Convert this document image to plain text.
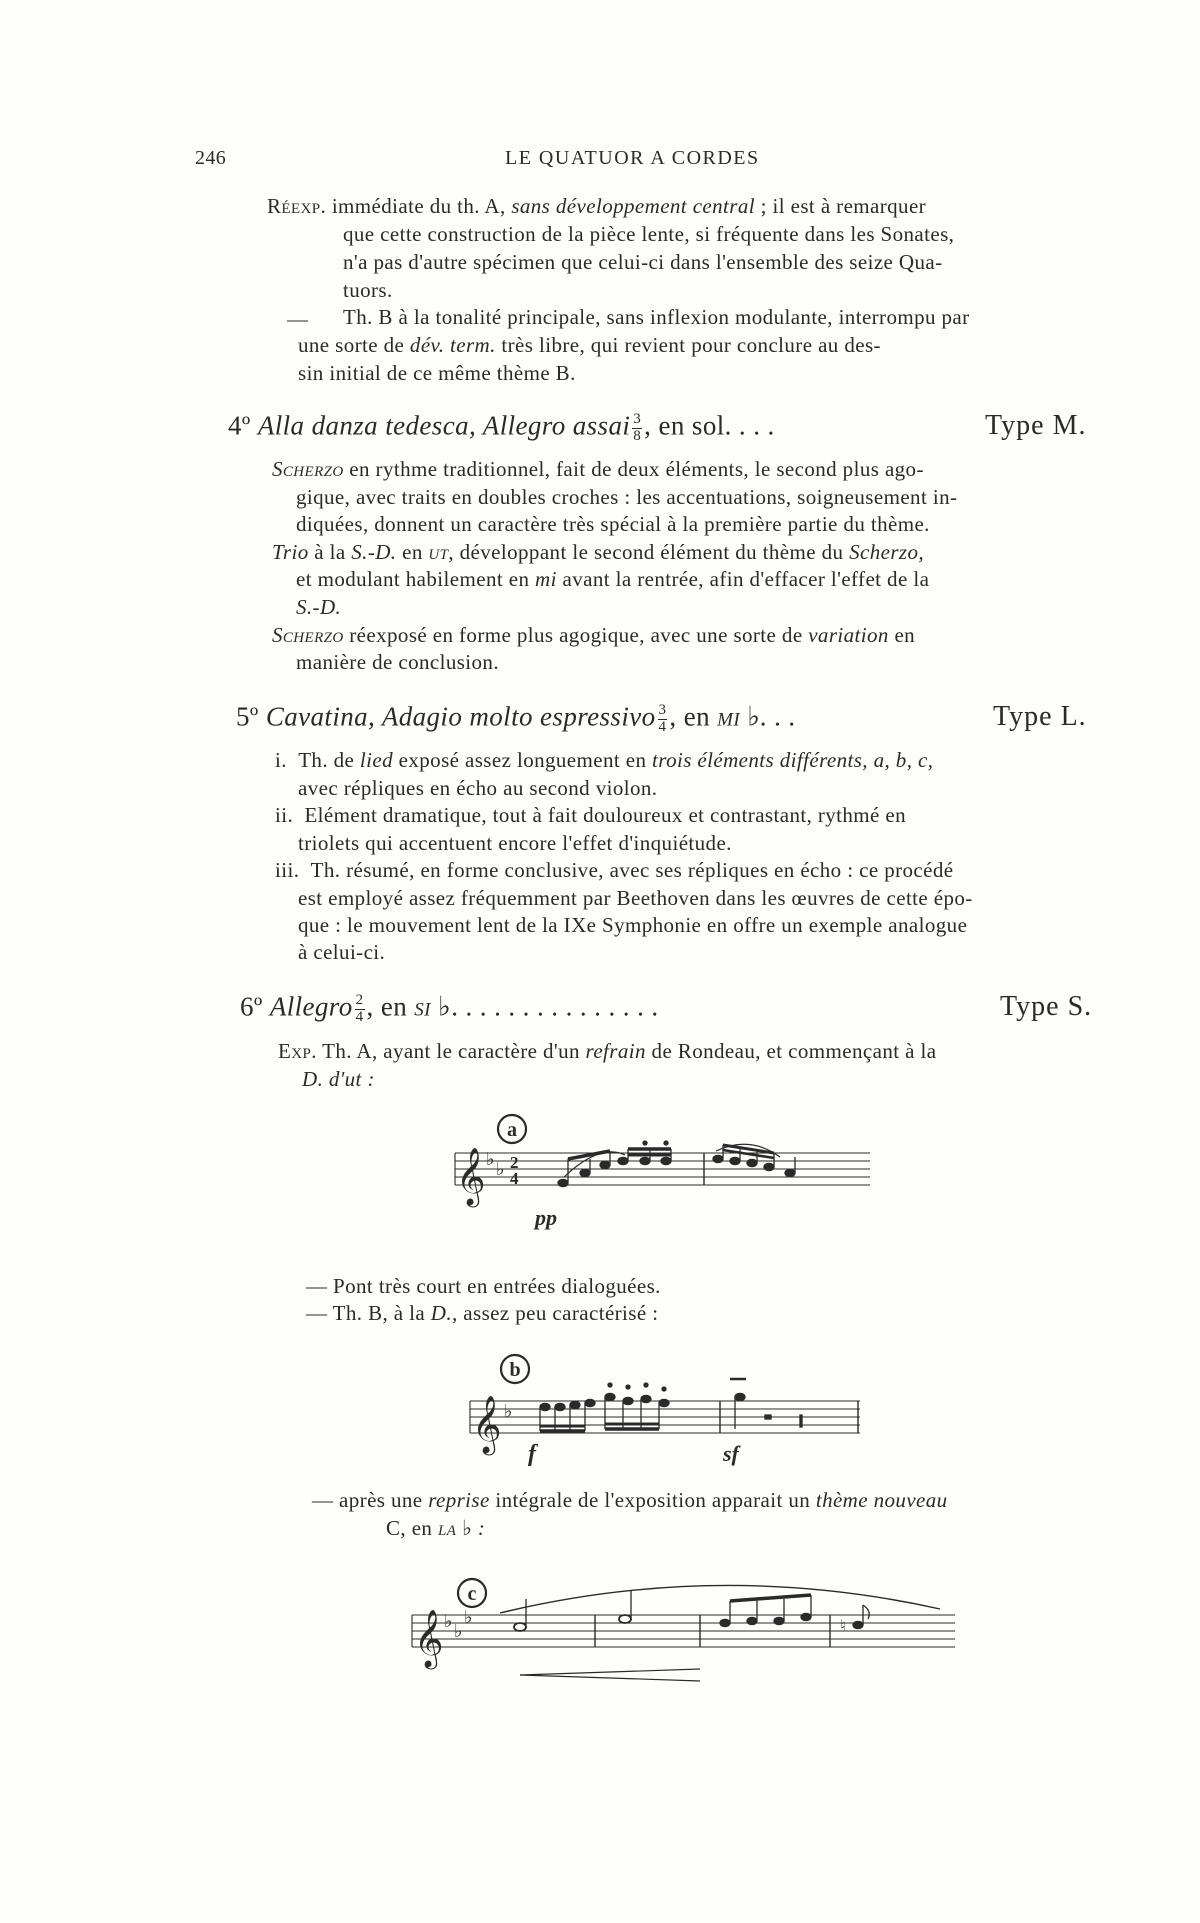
246	LE QUATUOR A CORDES
Réexp. immédiate du th. A, sans développement central ; il est à remarquer
que cette construction de la pièce lente, si fréquente dans les Sonates,
n'a pas d'autre spécimen que celui-ci dans l'ensemble des seize Qua-
tuors.
— Th. B à la tonalité principale, sans inflexion modulante, interrompu par
une sorte de dév. term. très libre, qui revient pour conclure au des-
sin initial de ce même thème B.
4º Alla danza tedesca, Allegro assai $\frac{3}{8}$ , en sol. . . .	Type M.
Scherzo en rythme traditionnel, fait de deux éléments, le second plus ago-
gique, avec traits en doubles croches : les accentuations, soigneusement in-
diquées, donnent un caractère très spécial à la première partie du thème.
Trio à la S.-D. en ut, développant le second élément du thème du Scherzo,
et modulant habilement en mi avant la rentrée, afin d'effacer l'effet de la
S.-D.
Scherzo réexposé en forme plus agogique, avec une sorte de variation en
manière de conclusion.
5º Cavatina, Adagio molto espressivo $\frac{3}{4}$ , en mi ♭. . .	Type L.
i. Th. de lied exposé assez longuement en trois éléments différents, a, b, c,
avec répliques en écho au second violon.
ii. Elément dramatique, tout à fait douloureux et contrastant, rythmé en
triolets qui accentuent encore l'effet d'inquiétude.
iii. Th. résumé, en forme conclusive, avec ses répliques en écho : ce procédé
est employé assez fréquemment par Beethoven dans les œuvres de cette épo-
que : le mouvement lent de la IXe Symphonie en offre un exemple analogue
à celui-ci.
6º Allegro $\frac{2}{4}$ , en si ♭. . . . . . . . . . . . . . .	Type S.
Exp. Th. A, ayant le caractère d'un refrain de Rondeau, et commençant à la
D. d'ut :
a
𝄞 ♭ ♭ 2
4
pp
— Pont très court en entrées dialoguées.
— Th. B, à la D., assez peu caractérisé :
b
𝄞 ♭
f	sf
— après une reprise intégrale de l'exposition apparait un thème nouveau
C, en la ♭ :
c
𝄞 ♭ ♭
♭	♮
